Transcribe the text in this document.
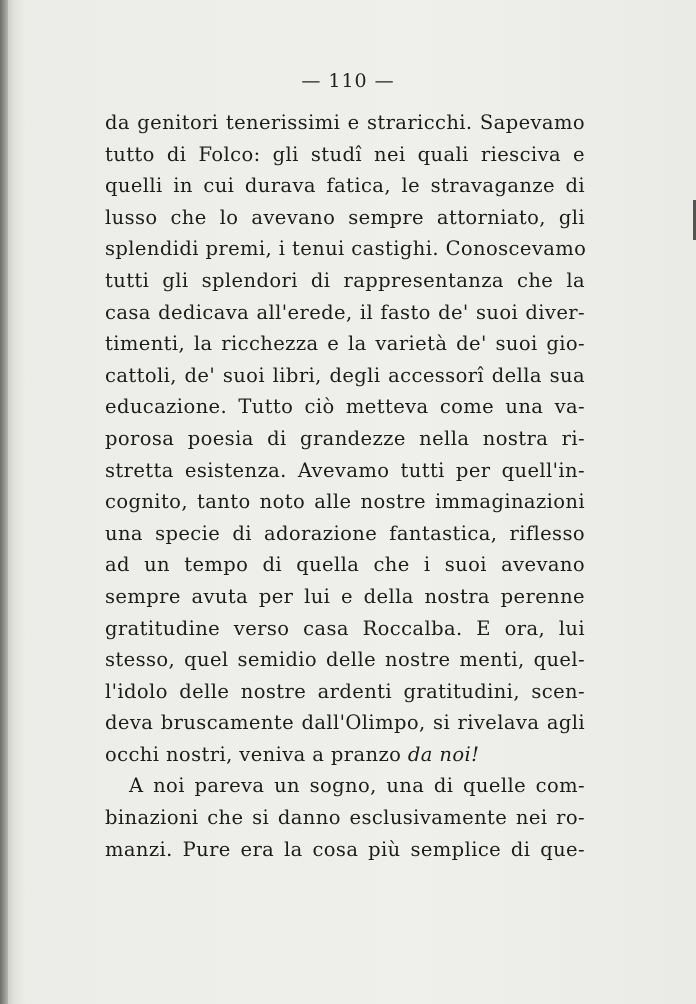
— 110 —
da genitori tenerissimi e straricchi. Sapevamo
tutto di Folco: gli studî nei quali riesciva e
quelli in cui durava fatica, le stravaganze di
lusso che lo avevano sempre attorniato, gli
splendidi premi, i tenui castighi. Conoscevamo
tutti gli splendori di rappresentanza che la
casa dedicava all'erede, il fasto de' suoi diver-
timenti, la ricchezza e la varietà de' suoi gio-
cattoli, de' suoi libri, degli accessorî della sua
educazione. Tutto ciò metteva come una va-
porosa poesia di grandezze nella nostra ri-
stretta esistenza. Avevamo tutti per quell'in-
cognito, tanto noto alle nostre immaginazioni
una specie di adorazione fantastica, riflesso
ad un tempo di quella che i suoi avevano
sempre avuta per lui e della nostra perenne
gratitudine verso casa Roccalba. E ora, lui
stesso, quel semidio delle nostre menti, quel-
l'idolo delle nostre ardenti gratitudini, scen-
deva bruscamente dall'Olimpo, si rivelava agli
occhi nostri, veniva a pranzo da noi!
A noi pareva un sogno, una di quelle com-
binazioni che si danno esclusivamente nei ro-
manzi. Pure era la cosa più semplice di que-
